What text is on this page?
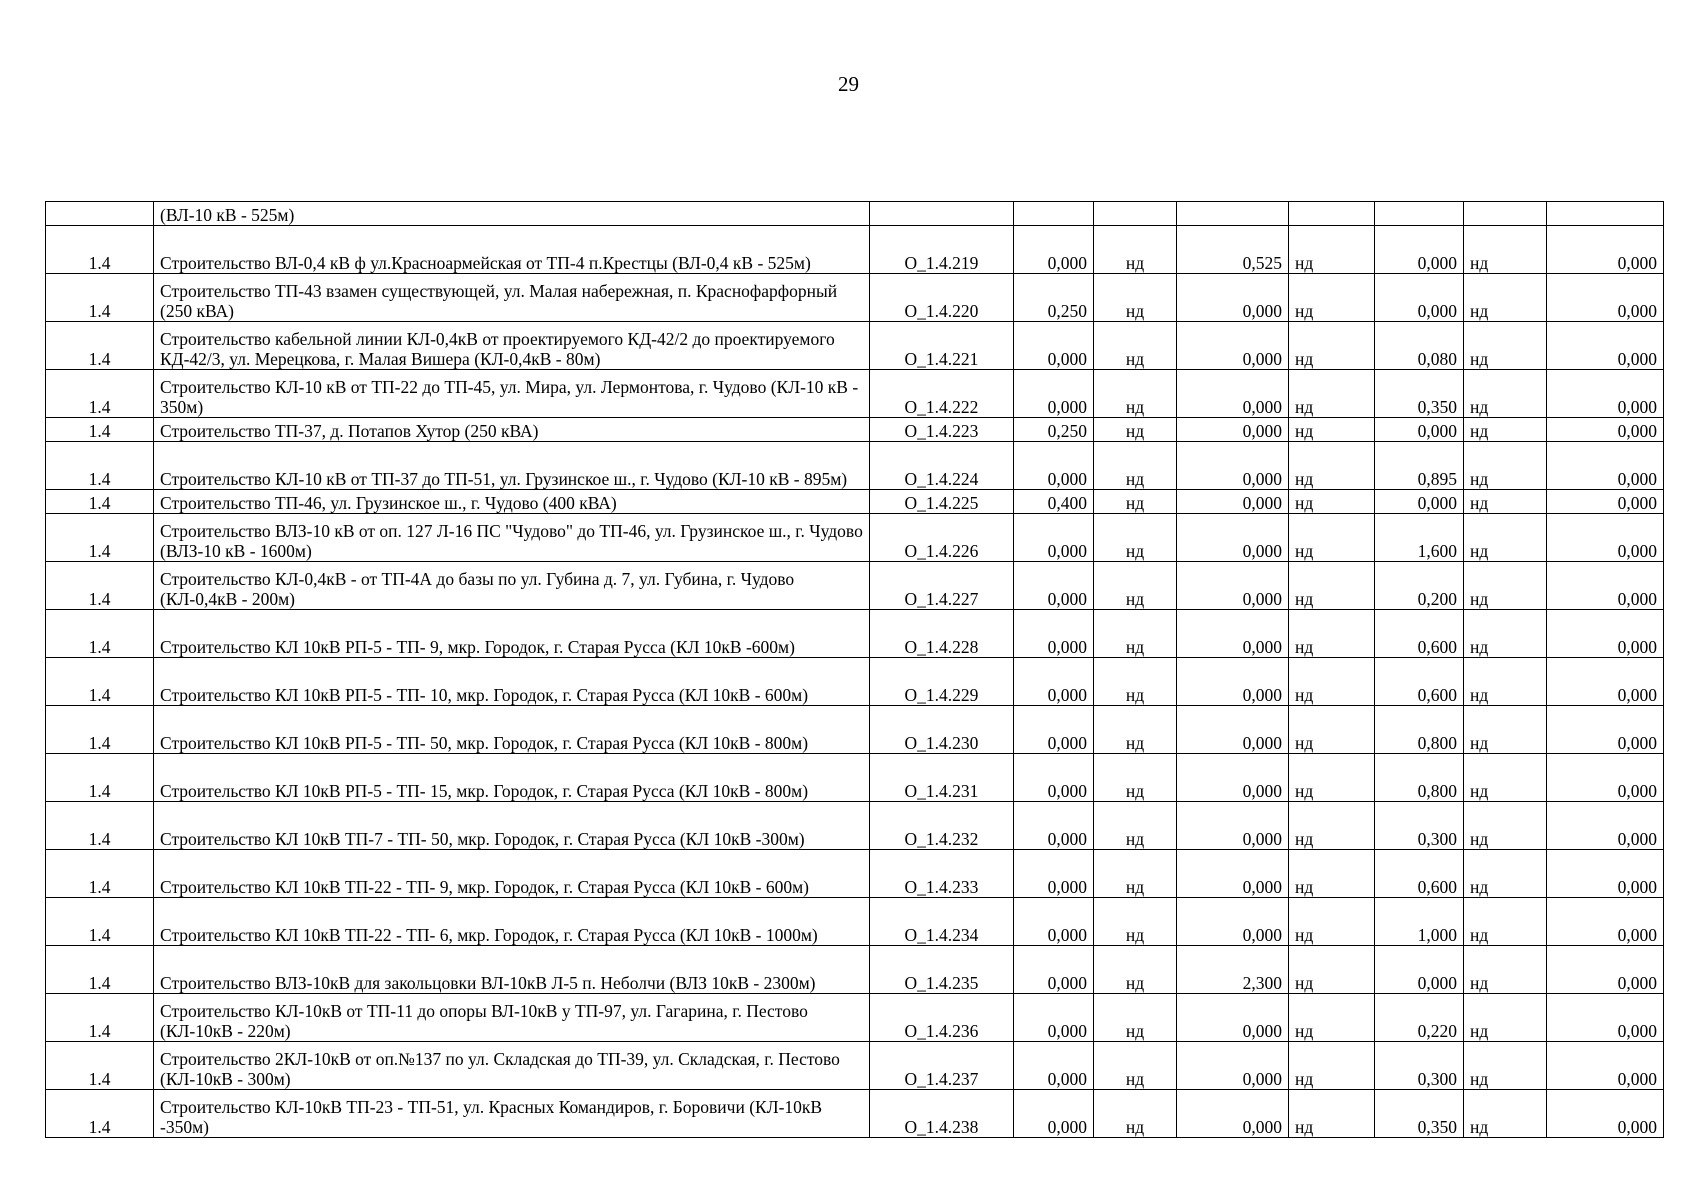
29
	(ВЛ-10 кВ - 525м)								
1.4	Строительство ВЛ-0,4 кВ ф ул.Красноармейская от ТП-4 п.Крестцы (ВЛ-0,4 кВ - 525м)	О_1.4.219	0,000	нд	0,525	нд	0,000	нд	0,000
1.4	Строительство ТП-43 взамен существующей, ул. Малая набережная, п. Краснофарфорный (250 кВА)	О_1.4.220	0,250	нд	0,000	нд	0,000	нд	0,000
1.4	Строительство кабельной линии КЛ-0,4кВ от проектируемого КД-42/2 до проектируемого КД-42/3, ул. Мерецкова, г. Малая Вишера (КЛ-0,4кВ - 80м)	О_1.4.221	0,000	нд	0,000	нд	0,080	нд	0,000
1.4	Строительство КЛ-10 кВ от ТП-22 до ТП-45, ул. Мира, ул. Лермонтова, г. Чудово (КЛ-10 кВ - 350м)	О_1.4.222	0,000	нд	0,000	нд	0,350	нд	0,000
1.4	Строительство ТП-37, д. Потапов Хутор (250 кВА)	О_1.4.223	0,250	нд	0,000	нд	0,000	нд	0,000
1.4	Строительство КЛ-10 кВ от ТП-37 до ТП-51, ул. Грузинское ш., г. Чудово (КЛ-10 кВ - 895м)	О_1.4.224	0,000	нд	0,000	нд	0,895	нд	0,000
1.4	Строительство ТП-46, ул. Грузинское ш., г. Чудово (400 кВА)	О_1.4.225	0,400	нд	0,000	нд	0,000	нд	0,000
1.4	Строительство ВЛЗ-10 кВ от оп. 127 Л-16 ПС "Чудово" до ТП-46, ул. Грузинское ш., г. Чудово (ВЛЗ-10 кВ - 1600м)	О_1.4.226	0,000	нд	0,000	нд	1,600	нд	0,000
1.4	Строительство КЛ-0,4кВ - от ТП-4А до базы по ул. Губина д. 7, ул. Губина, г. Чудово (КЛ-0,4кВ - 200м)	О_1.4.227	0,000	нд	0,000	нд	0,200	нд	0,000
1.4	Строительство КЛ 10кВ РП-5 - ТП- 9, мкр. Городок, г. Старая Русса (КЛ 10кВ -600м)	О_1.4.228	0,000	нд	0,000	нд	0,600	нд	0,000
1.4	Строительство КЛ 10кВ РП-5 - ТП- 10, мкр. Городок, г. Старая Русса (КЛ 10кВ - 600м)	О_1.4.229	0,000	нд	0,000	нд	0,600	нд	0,000
1.4	Строительство КЛ 10кВ РП-5 - ТП- 50, мкр. Городок, г. Старая Русса (КЛ 10кВ - 800м)	О_1.4.230	0,000	нд	0,000	нд	0,800	нд	0,000
1.4	Строительство КЛ 10кВ РП-5 - ТП- 15, мкр. Городок, г. Старая Русса (КЛ 10кВ - 800м)	О_1.4.231	0,000	нд	0,000	нд	0,800	нд	0,000
1.4	Строительство КЛ 10кВ ТП-7 - ТП- 50, мкр. Городок, г. Старая Русса (КЛ 10кВ -300м)	О_1.4.232	0,000	нд	0,000	нд	0,300	нд	0,000
1.4	Строительство КЛ 10кВ ТП-22 - ТП- 9, мкр. Городок, г. Старая Русса (КЛ 10кВ - 600м)	О_1.4.233	0,000	нд	0,000	нд	0,600	нд	0,000
1.4	Строительство КЛ 10кВ ТП-22 - ТП- 6, мкр. Городок, г. Старая Русса (КЛ 10кВ - 1000м)	О_1.4.234	0,000	нд	0,000	нд	1,000	нд	0,000
1.4	Строительство ВЛЗ-10кВ для закольцовки ВЛ-10кВ Л-5 п. Неболчи (ВЛЗ 10кВ - 2300м)	О_1.4.235	0,000	нд	2,300	нд	0,000	нд	0,000
1.4	Строительство КЛ-10кВ от ТП-11 до опоры ВЛ-10кВ у ТП-97, ул. Гагарина, г. Пестово (КЛ-10кВ - 220м)	О_1.4.236	0,000	нд	0,000	нд	0,220	нд	0,000
1.4	Строительство 2КЛ-10кВ от оп.№137 по ул. Складская до ТП-39, ул. Складская, г. Пестово (КЛ-10кВ - 300м)	О_1.4.237	0,000	нд	0,000	нд	0,300	нд	0,000
1.4	Строительство КЛ-10кВ ТП-23 - ТП-51, ул. Красных Командиров, г. Боровичи (КЛ-10кВ -350м)	О_1.4.238	0,000	нд	0,000	нд	0,350	нд	0,000
